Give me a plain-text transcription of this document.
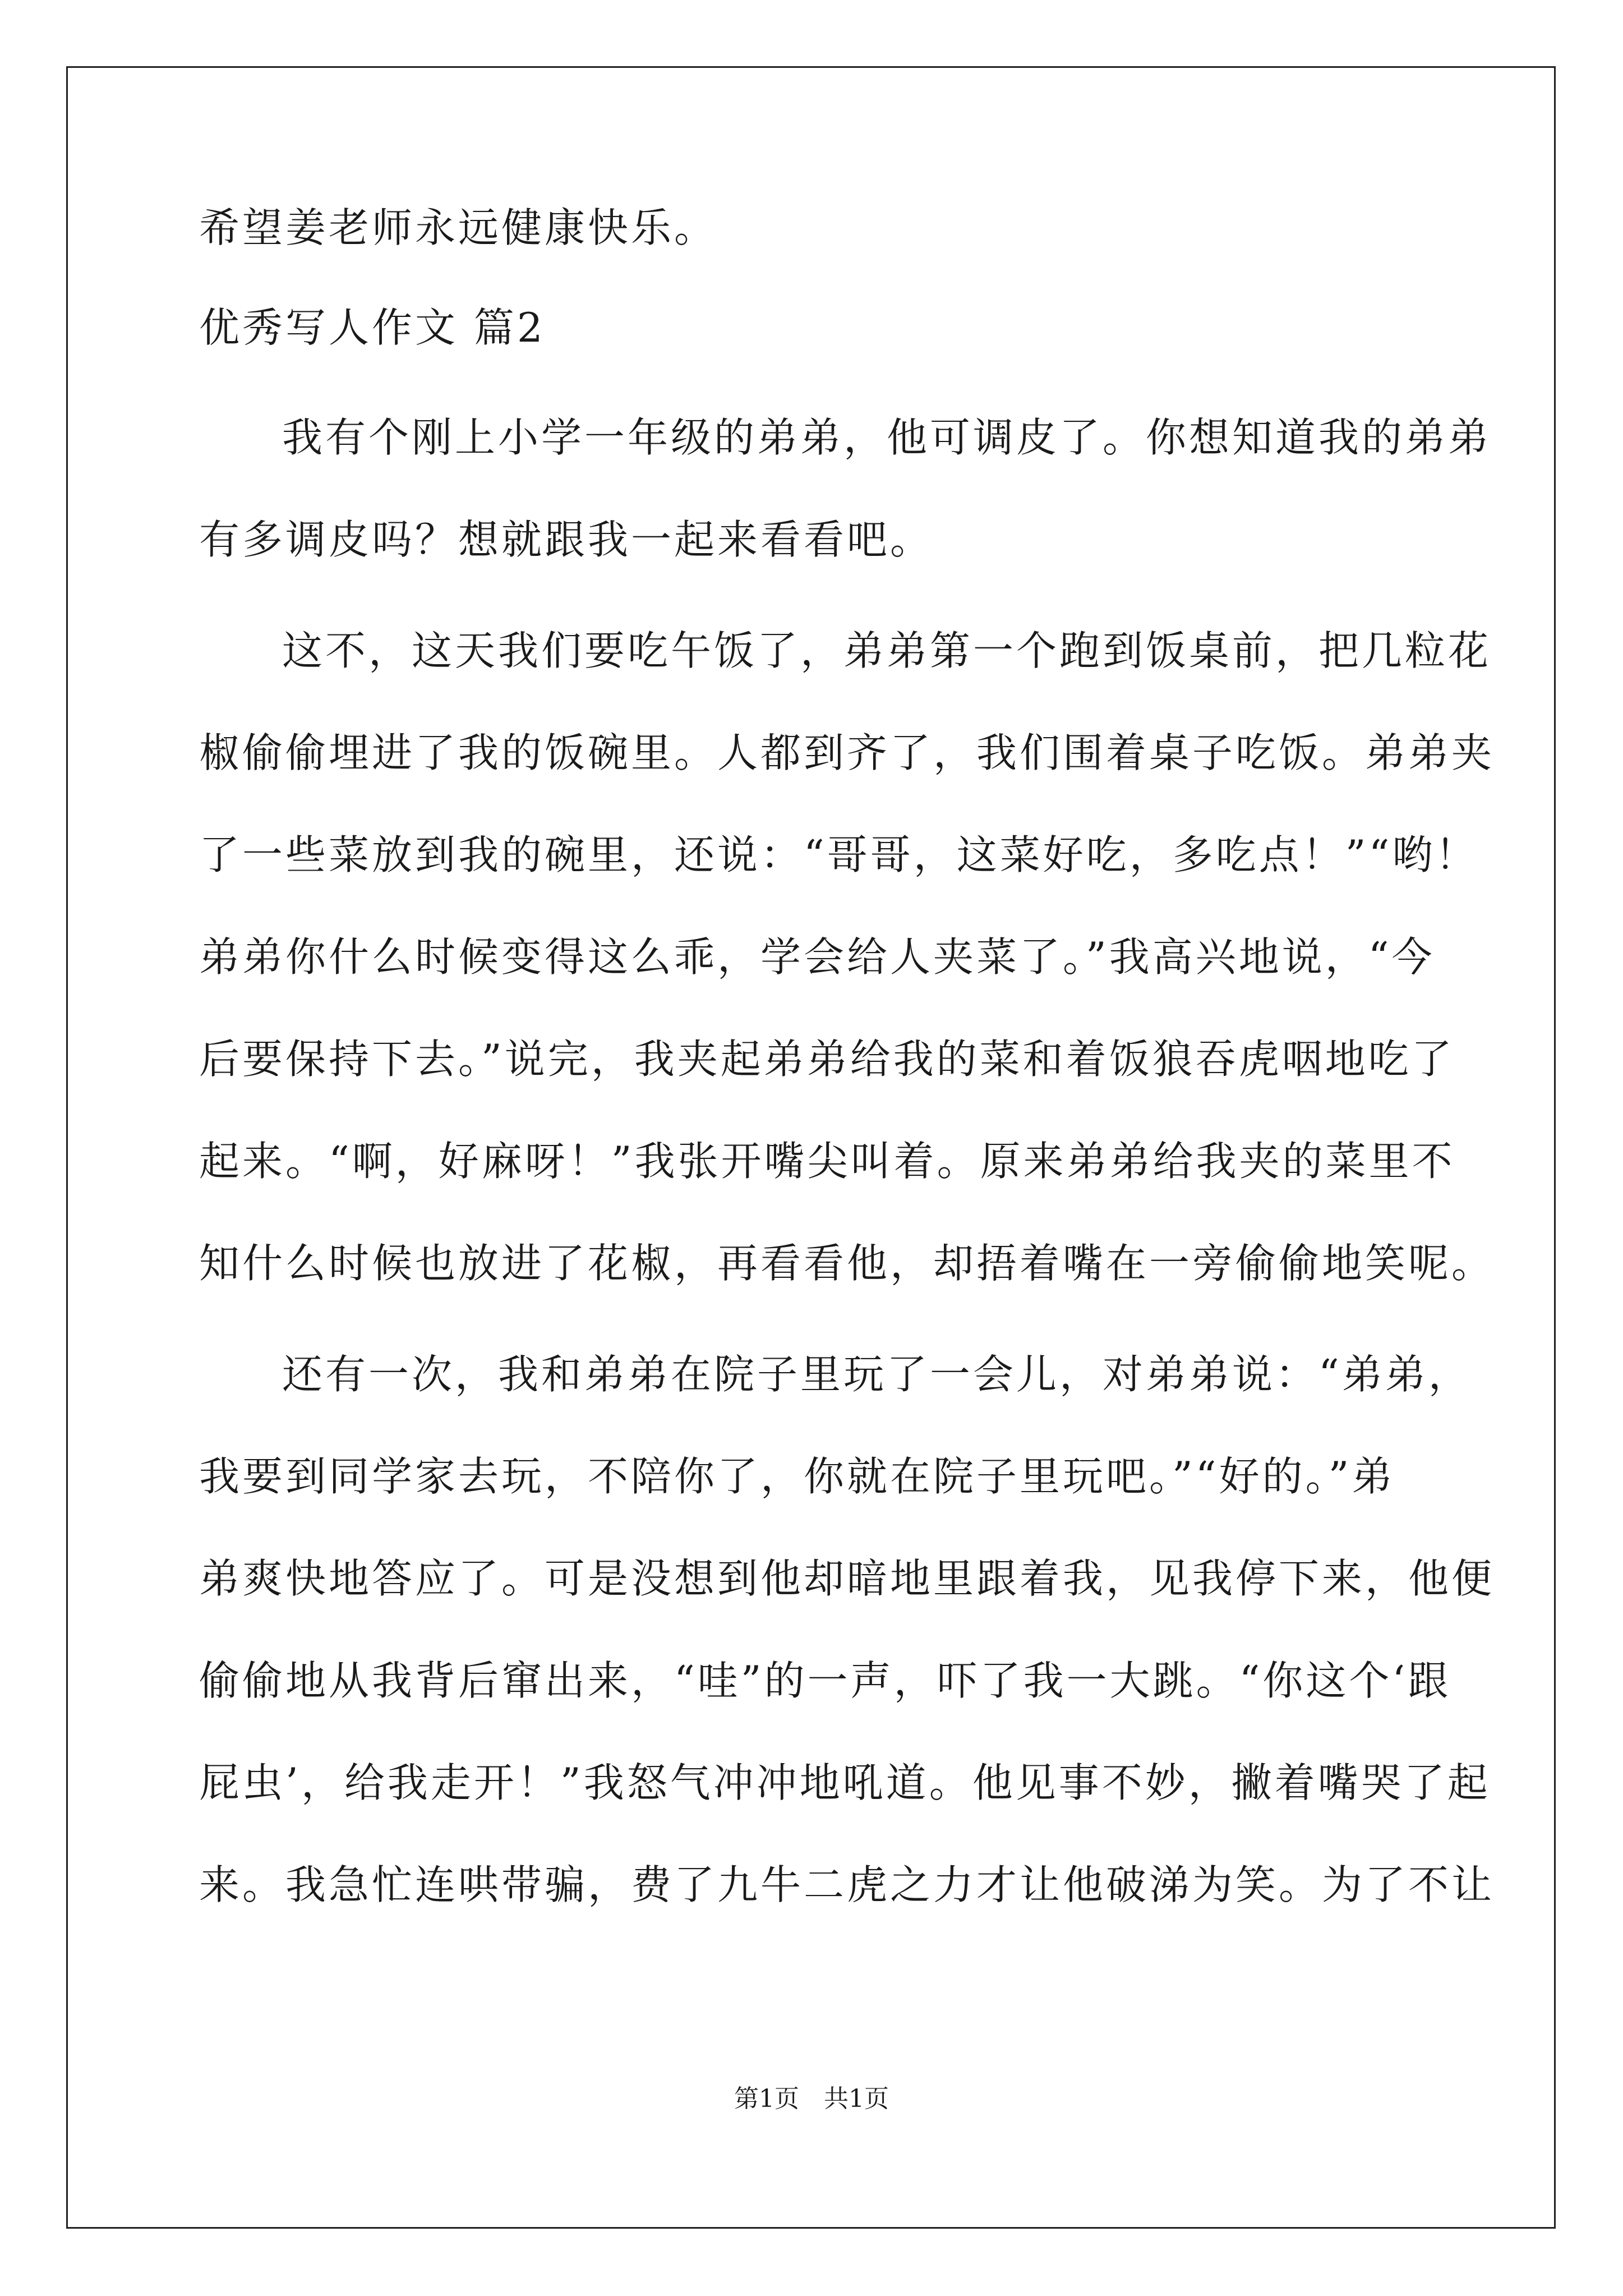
希望姜老师永远健康快乐。

优秀写人作文 篇2

我有个刚上小学一年级的弟弟，他可调皮了。你想知道我的弟弟

有多调皮吗？想就跟我一起来看看吧。

这不，这天我们要吃午饭了，弟弟第一个跑到饭桌前，把几粒花

椒偷偷埋进了我的饭碗里。人都到齐了，我们围着桌子吃饭。弟弟夹

了一些菜放到我的碗里，还说：“哥哥，这菜好吃，多吃点！”“哟！

弟弟你什么时候变得这么乖，学会给人夹菜了。”我高兴地说，“今

后要保持下去。”说完，我夹起弟弟给我的菜和着饭狼吞虎咽地吃了

起来。“啊，好麻呀！”我张开嘴尖叫着。原来弟弟给我夹的菜里不

知什么时候也放进了花椒，再看看他，却捂着嘴在一旁偷偷地笑呢。

还有一次，我和弟弟在院子里玩了一会儿，对弟弟说：“弟弟，

我要到同学家去玩，不陪你了，你就在院子里玩吧。”“好的。”弟

弟爽快地答应了。可是没想到他却暗地里跟着我，见我停下来，他便

偷偷地从我背后窜出来，“哇”的一声，吓了我一大跳。“你这个‘跟

屁虫’，给我走开！”我怒气冲冲地吼道。他见事不妙，撇着嘴哭了起

来。我急忙连哄带骗，费了九牛二虎之力才让他破涕为笑。为了不让

第1页　共1页
